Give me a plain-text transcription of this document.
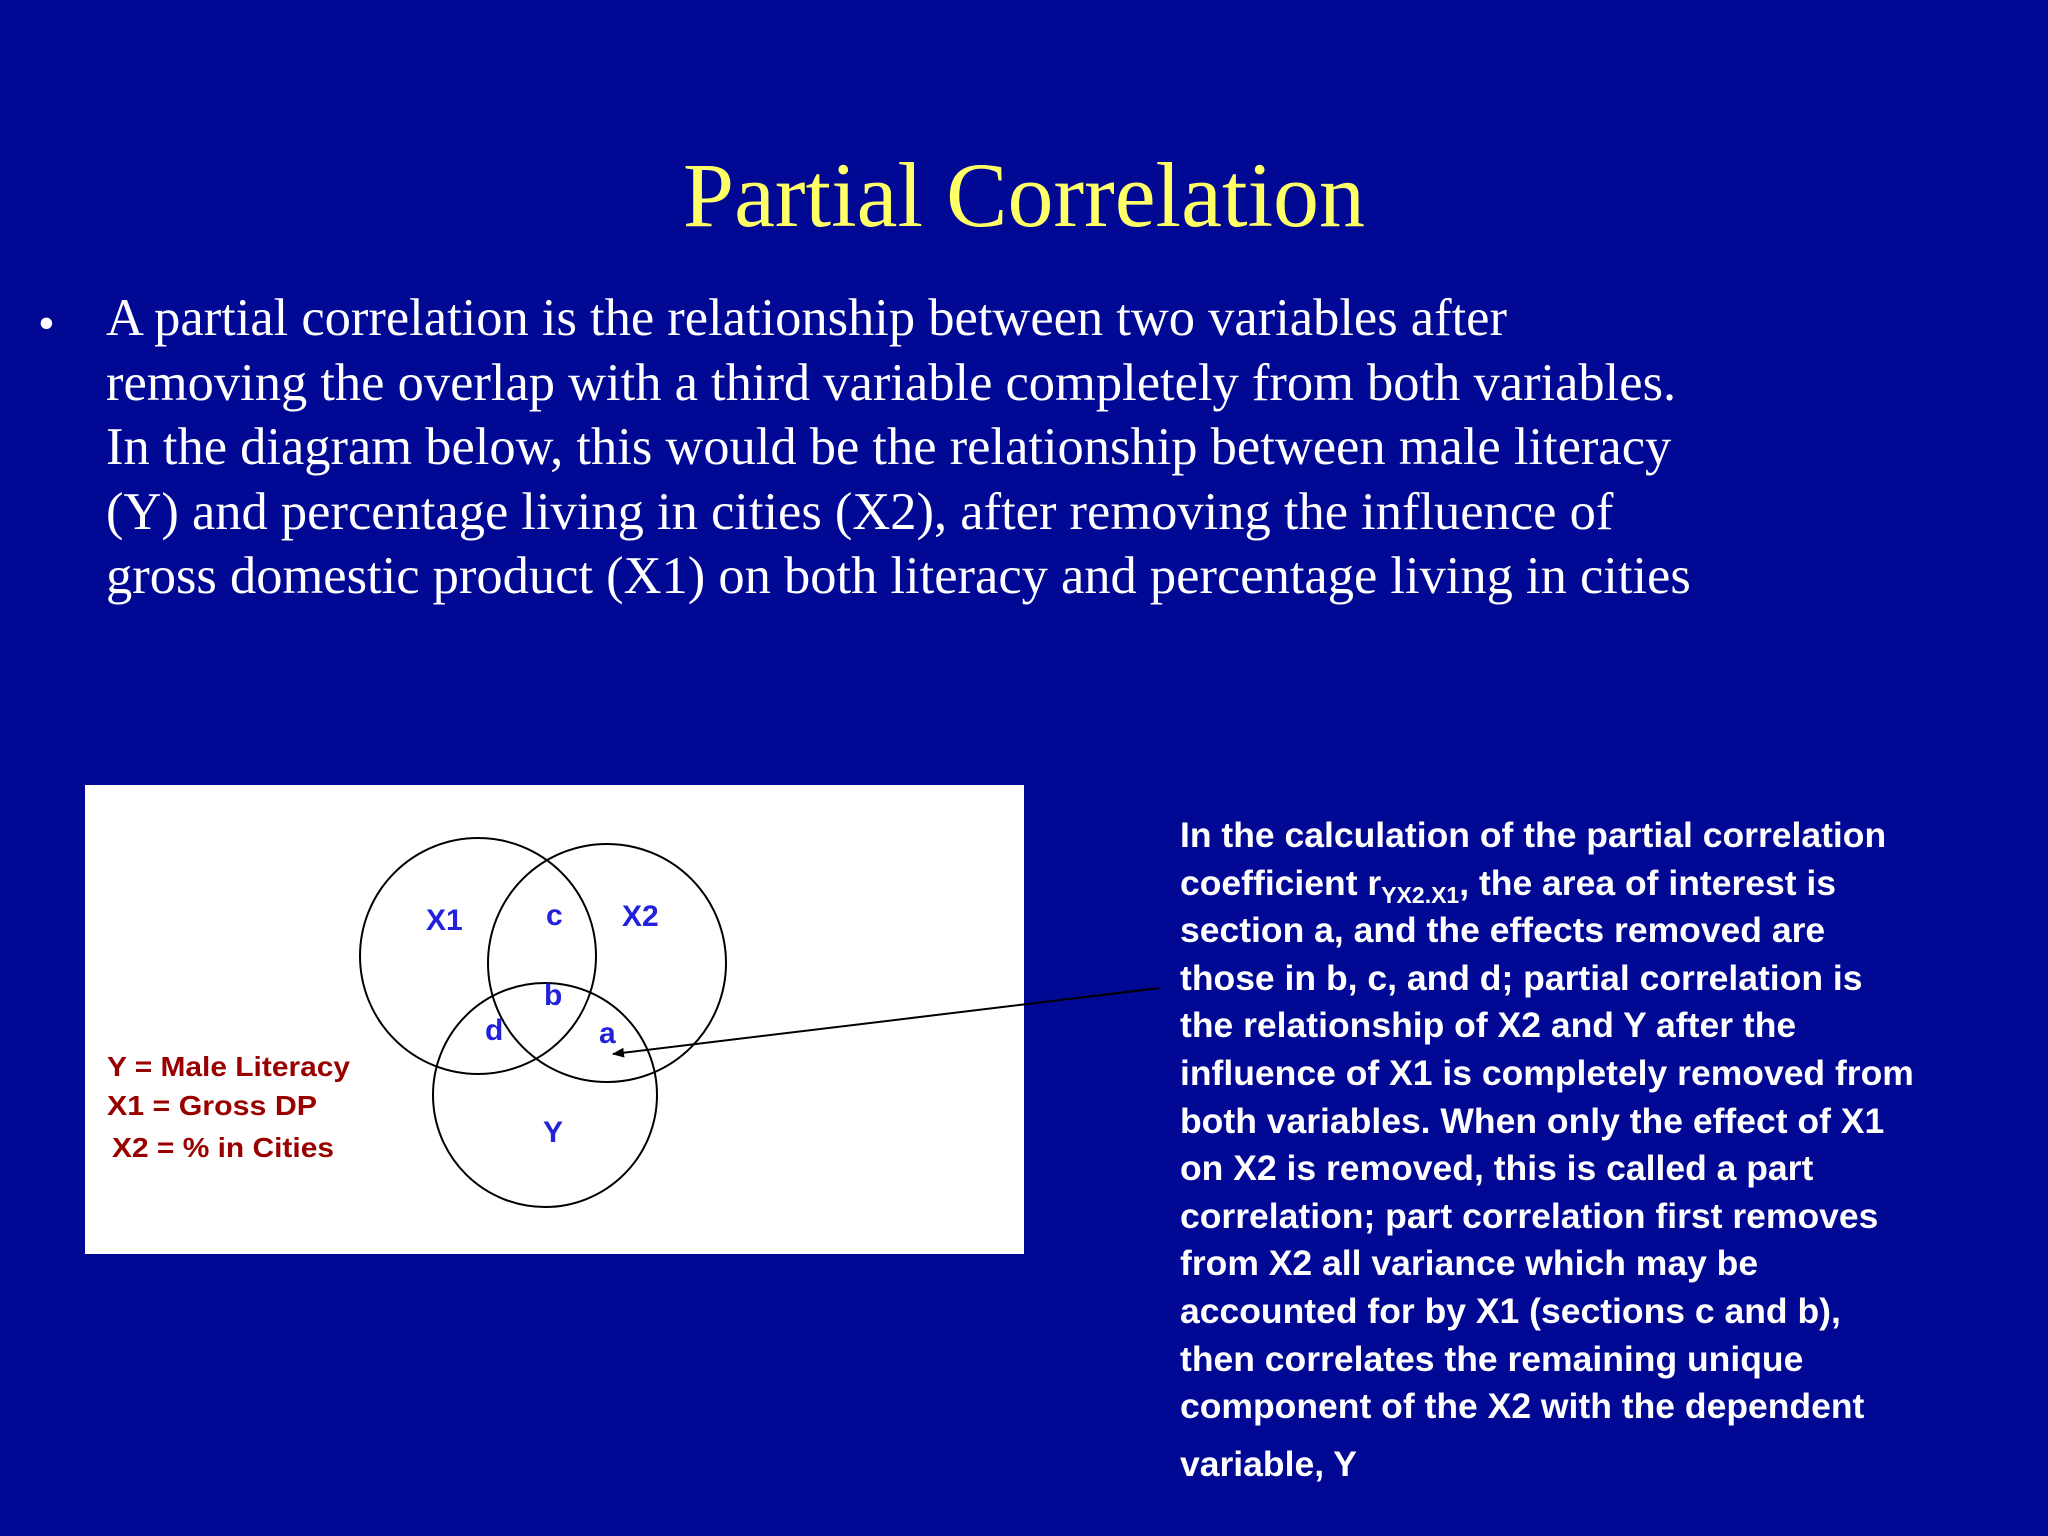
Partial Correlation
• A partial correlation is the relationship between two variables after
removing the overlap with a third variable completely from both variables.
In the diagram below, this would be the relationship between male literacy
(Y) and percentage living in cities (X2), after removing the influence of
gross domestic product (X1) on both literacy and percentage living in cities
X1	X2
Y
c
b
d	a
Y = Male Literacy
X1 = Gross DP
X2 = % in Cities
In the calculation of the partial correlation
coefficient $r_{YX2.X1}$, the area of interest is
section a, and the effects removed are
those in b, c, and d; partial correlation is
the relationship of X2 and Y after the
influence of X1 is completely removed from
both variables. When only the effect of X1
on X2 is removed, this is called a part
correlation; part correlation first removes
from X2 all variance which may be
accounted for by X1 (sections c and b),
then correlates the remaining unique
component of the X2 with the dependent
variable, Y
